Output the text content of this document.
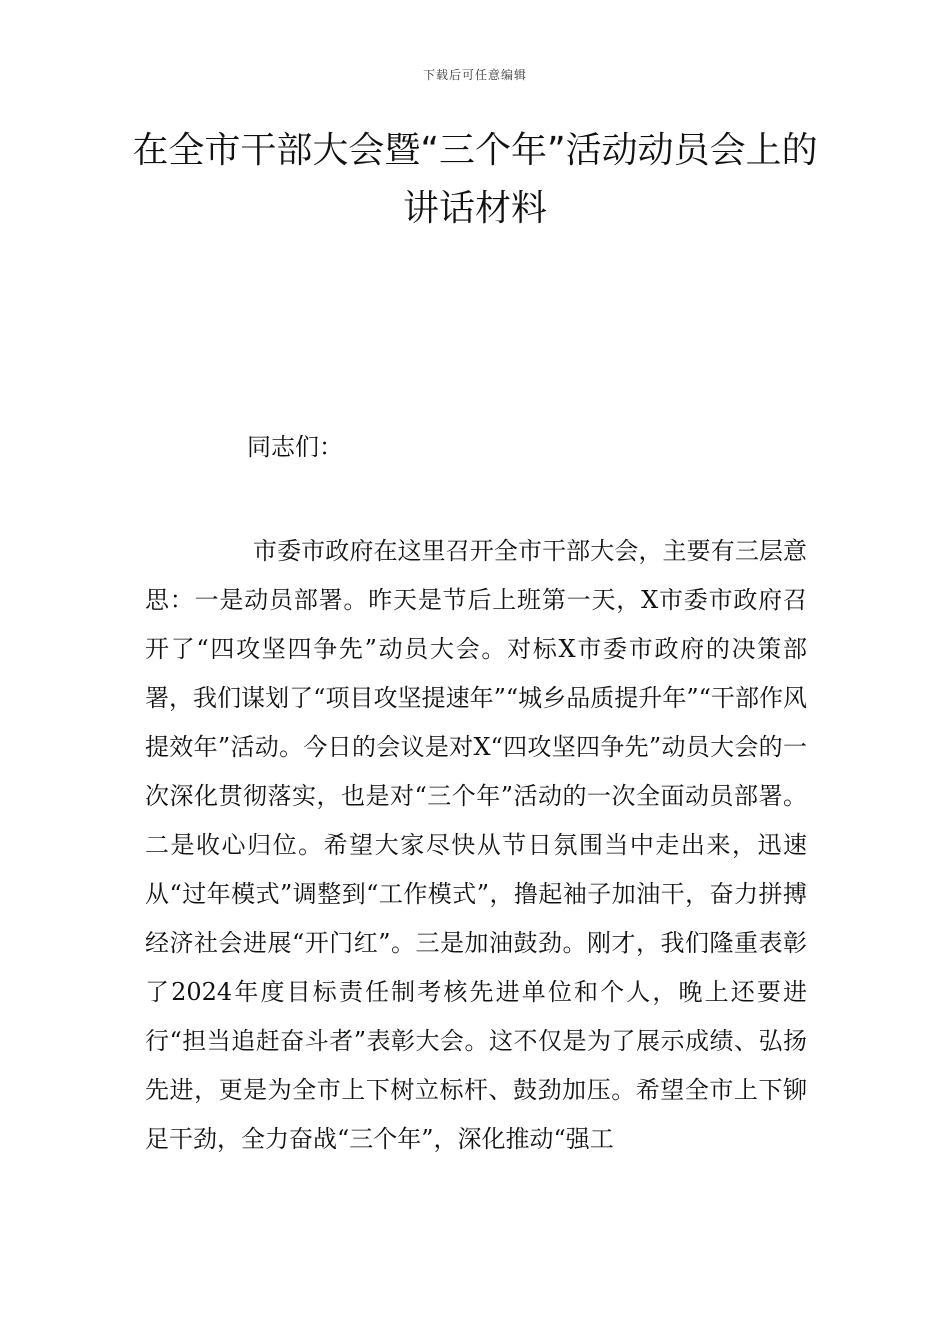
下载后可任意编辑
在全市干部大会暨“三个年”活动动员会上的讲话材料
同志们：

市委市政府在这里召开全市干部大会，主要有三层意思：一是动员部署。昨天是节后上班第一天，X市委市政府召开了“四攻坚四争先”动员大会。对标X市委市政府的决策部署，我们谋划了“项目攻坚提速年”“城乡品质提升年”“干部作风提效年”活动。今日的会议是对X“四攻坚四争先”动员大会的一次深化贯彻落实，也是对“三个年”活动的一次全面动员部署。二是收心归位。希望大家尽快从节日氛围当中走出来，迅速从“过年模式”调整到“工作模式”，撸起袖子加油干，奋力拼搏经济社会进展“开门红”。三是加油鼓劲。刚才，我们隆重表彰了2024年度目标责任制考核先进单位和个人，晚上还要进行“担当追赶奋斗者”表彰大会。这不仅是为了展示成绩、弘扬先进，更是为全市上下树立标杆、鼓劲加压。希望全市上下铆足干劲，全力奋战“三个年”，深化推动“强工
